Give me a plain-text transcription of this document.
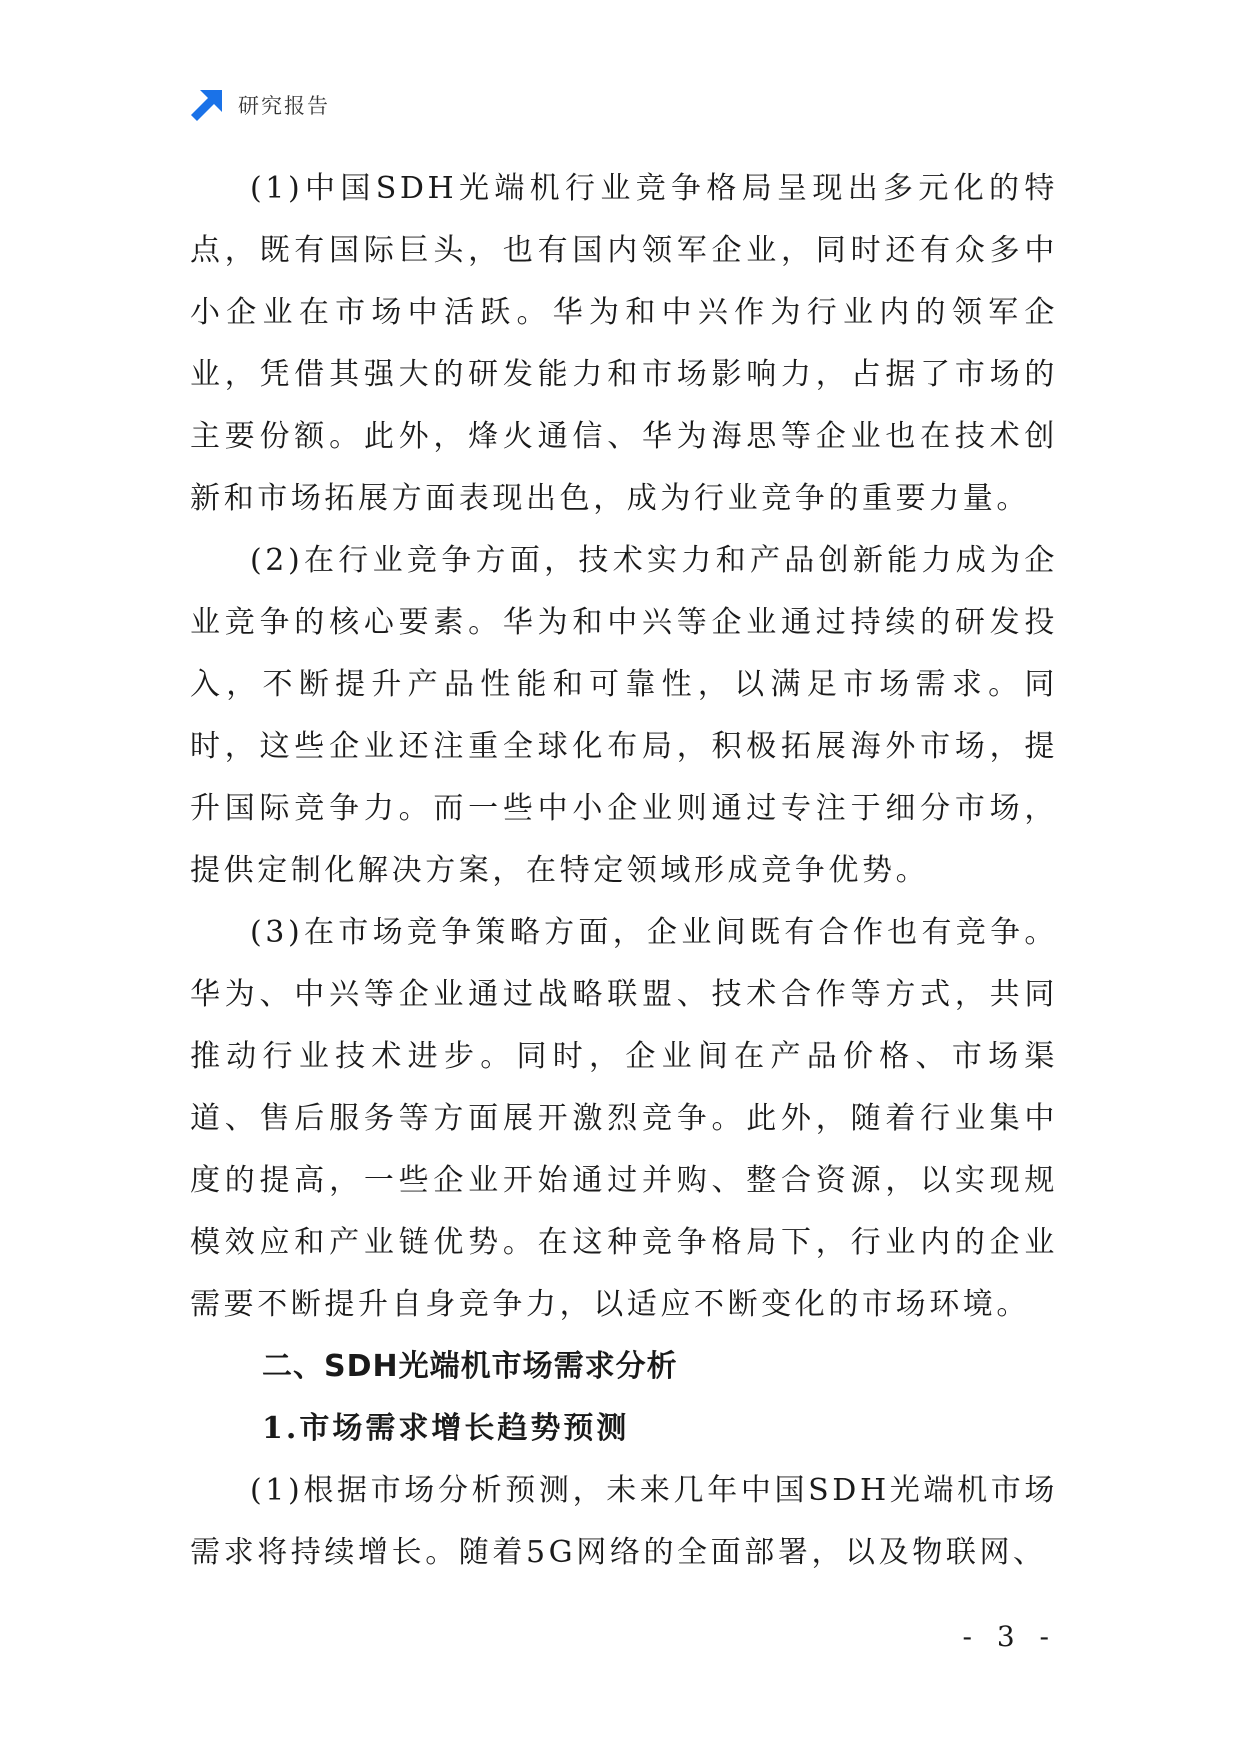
研究报告

(1)中国SDH光端机行业竞争格局呈现出多元化的特点，既有国际巨头，也有国内领军企业，同时还有众多中小企业在市场中活跃。华为和中兴作为行业内的领军企业，凭借其强大的研发能力和市场影响力，占据了市场的主要份额。此外，烽火通信、华为海思等企业也在技术创新和市场拓展方面表现出色，成为行业竞争的重要力量。

(2)在行业竞争方面，技术实力和产品创新能力成为企业竞争的核心要素。华为和中兴等企业通过持续的研发投入，不断提升产品性能和可靠性，以满足市场需求。同时，这些企业还注重全球化布局，积极拓展海外市场，提升国际竞争力。而一些中小企业则通过专注于细分市场，提供定制化解决方案，在特定领域形成竞争优势。

(3)在市场竞争策略方面，企业间既有合作也有竞争。华为、中兴等企业通过战略联盟、技术合作等方式，共同推动行业技术进步。同时，企业间在产品价格、市场渠道、售后服务等方面展开激烈竞争。此外，随着行业集中度的提高，一些企业开始通过并购、整合资源，以实现规模效应和产业链优势。在这种竞争格局下，行业内的企业需要不断提升自身竞争力，以适应不断变化的市场环境。

二、SDH光端机市场需求分析
1.市场需求增长趋势预测

(1)根据市场分析预测，未来几年中国SDH光端机市场需求将持续增长。随着5G网络的全面部署，以及物联网、

- 3 -
